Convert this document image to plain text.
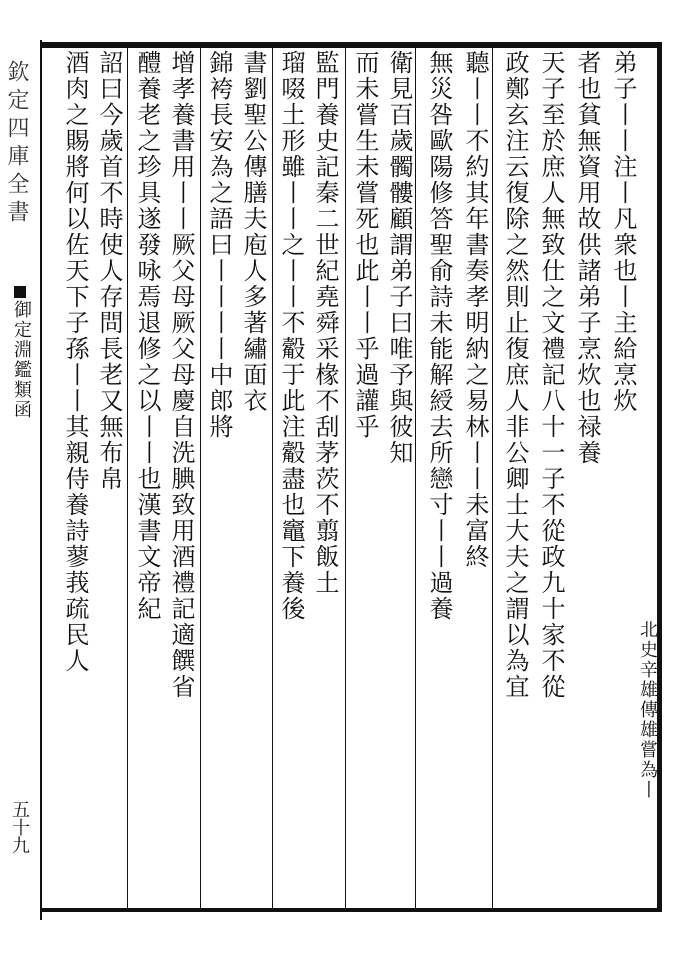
欽定四庫全書
御定淵鑑類函
五十九
弟子丨丨注丨凡衆也丨主給烹炊
者也貧無資用故供諸弟子烹炊也禄養
天子至於庶人無致仕之文禮記八十一子不從政九十家不從
政鄭玄注云復除之然則止復庶人非公卿士大夫之謂以為宜
聽丨丨不約其年書奏孝明納之易林丨丨未富終
無災咎歐陽修答聖俞詩未能解綬去所戀寸丨丨過養
衛見百歲髑髏顧謂弟子曰唯予與彼知
而未嘗生未嘗死也此丨丨乎過讙乎
監門養史記秦二世紀堯舜采椽不刮茅茨不翦飯土
瑠啜土形雖丨丨之丨丨不觳于此注觳盡也竈下養後
書劉聖公傳膳夫庖人多著繡面衣
錦袴長安為之語曰丨丨丨丨中郎將
增孝養書用丨丨厥父母厥父母慶自洗腆致用酒禮記適饌省
醴養老之珍具遂發咏焉退修之以丨丨也漢書文帝紀
詔曰今歲首不時使人存問長老又無布帛
酒肉之賜將何以佐天下子孫丨丨其親侍養詩蓼莪疏民人
北史辛雄傳雄嘗為丨
